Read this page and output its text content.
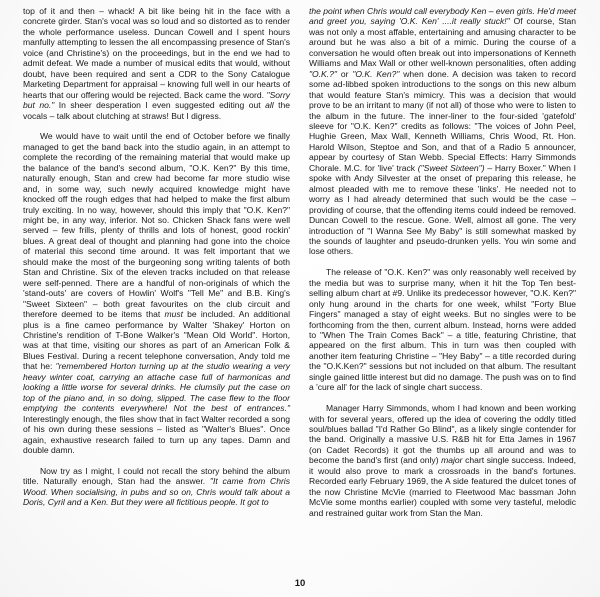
top of it and then – whack! A bit like being hit in the face with a concrete girder. Stan's vocal was so loud and so distorted as to render the whole performance useless. Duncan Cowell and I spent hours manfully attempting to lessen the all encompassing presence of Stan's voice (and Christine's) on the proceedings, but in the end we had to admit defeat. We made a number of musical edits that would, without doubt, have been required and sent a CDR to the Sony Catalogue Marketing Department for appraisal – knowing full well in our hearts of hearts that our offering would be rejected. Back came the word. "Sorry but no." In sheer desperation I even suggested editing out all the vocals – talk about clutching at straws! But I digress.

We would have to wait until the end of October before we finally managed to get the band back into the studio again, in an attempt to complete the recording of the remaining material that would make up the balance of the band's second album, "O.K. Ken?" By this time, naturally enough, Stan and crew had become far more studio wise and, in some way, such newly acquired knowledge might have knocked off the rough edges that had helped to make the first album truly exciting. In no way, however, should this imply that "O.K. Ken?" might be, in any way, inferior. Not so. Chicken Shack fans were well served – few frills, plenty of thrills and lots of honest, good rockin' blues. A great deal of thought and planning had gone into the choice of material this second time around. It was felt important that we should make the most of the burgeoning song writing talents of both Stan and Christine. Six of the eleven tracks included on that release were self-penned. There are a handful of non-originals of which the 'stand-outs' are covers of Howlin' Wolf's "Tell Me" and B.B. King's "Sweet Sixteen" – both great favourites on the club circuit and therefore deemed to be items that must be included. An additional plus is a fine cameo performance by Walter 'Shakey' Horton on Christine's rendition of T-Bone Walker's "Mean Old World". Horton, was at that time, visiting our shores as part of an American Folk & Blues Festival. During a recent telephone conversation, Andy told me that he: "remembered Horton turning up at the studio wearing a very heavy winter coat, carrying an attache case full of harmonicas and looking a little worse for several drinks. He clumsily put the case on top of the piano and, in so doing, slipped. The case flew to the floor emptying the contents everywhere! Not the best of entrances." Interestingly enough, the files show that in fact Walter recorded a song of his own during these sessions – listed as "Walter's Blues". Once again, exhaustive research failed to turn up any tapes. Damn and double damn.

Now try as I might, I could not recall the story behind the album title. Naturally enough, Stan had the answer. "It came from Chris Wood. When socialising, in pubs and so on, Chris would talk about a Doris, Cyril and a Ken. But they were all fictitious people. It got to

the point when Chris would call everybody Ken – even girls. He'd meet and greet you, saying 'O.K. Ken' ....it really stuck!" Of course, Stan was not only a most affable, entertaining and amusing character to be around but he was also a bit of a mimic. During the course of a conversation he would often break out into impersonations of Kenneth Williams and Max Wall or other well-known personalities, often adding "O.K.?" or "O.K. Ken?" when done. A decision was taken to record some ad-libbed spoken introductions to the songs on this new album that would feature Stan's mimicry. This was a decision that would prove to be an irritant to many (if not all) of those who were to listen to the album in the future. The inner-liner to the four-sided 'gatefold' sleeve for "O.K. Ken?" credits as follows: "The voices of John Peel, Hughie Green, Max Wall, Kenneth Williams, Chris Wood, Rt. Hon. Harold Wilson, Steptoe and Son, and that of a Radio 5 announcer, appear by courtesy of Stan Webb. Special Effects: Harry Simmonds Chorale. M.C. for 'live' track ("Sweet Sixteen") – Harry Boxer." When I spoke with Andy Silvester at the onset of preparing this release, he almost pleaded with me to remove these 'links'. He needed not to worry as I had already determined that such would be the case – providing of course, that the offending items could indeed be removed. Duncan Cowell to the rescue. Gone. Well, almost all gone. The very introduction of "I Wanna See My Baby" is still somewhat masked by the sounds of laughter and pseudo-drunken yells. You win some and lose others.

The release of "O.K. Ken?" was only reasonably well received by the media but was to surprise many, when it hit the Top Ten best-selling album chart at #9. Unlike its predecessor however, "O.K. Ken?" only hung around in the charts for one week, whilst "Forty Blue Fingers" managed a stay of eight weeks. But no singles were to be forthcoming from the then, current album. Instead, horns were added to "When The Train Comes Back" – a title, featuring Christine, that appeared on the first album. This in turn was then coupled with another item featuring Christine – "Hey Baby" – a title recorded during the "O.K.Ken?" sessions but not included on that album. The resultant single gained little interest but did no damage. The push was on to find a 'cure all' for the lack of single chart success.

Manager Harry Simmonds, whom I had known and been working with for several years, offered up the idea of covering the oddly titled soul/blues ballad "I'd Rather Go Blind", as a likely single contender for the band. Originally a massive U.S. R&B hit for Etta James in 1967 (on Cadet Records) it got the thumbs up all around and was to become the band's first (and only) major chart single success. Indeed, it would also prove to mark a crossroads in the band's fortunes. Recorded early February 1969, the A side featured the dulcet tones of the now Christine McVie (married to Fleetwood Mac bassman John McVie some months earlier) coupled with some very tasteful, melodic and restrained guitar work from Stan the Man.

10
